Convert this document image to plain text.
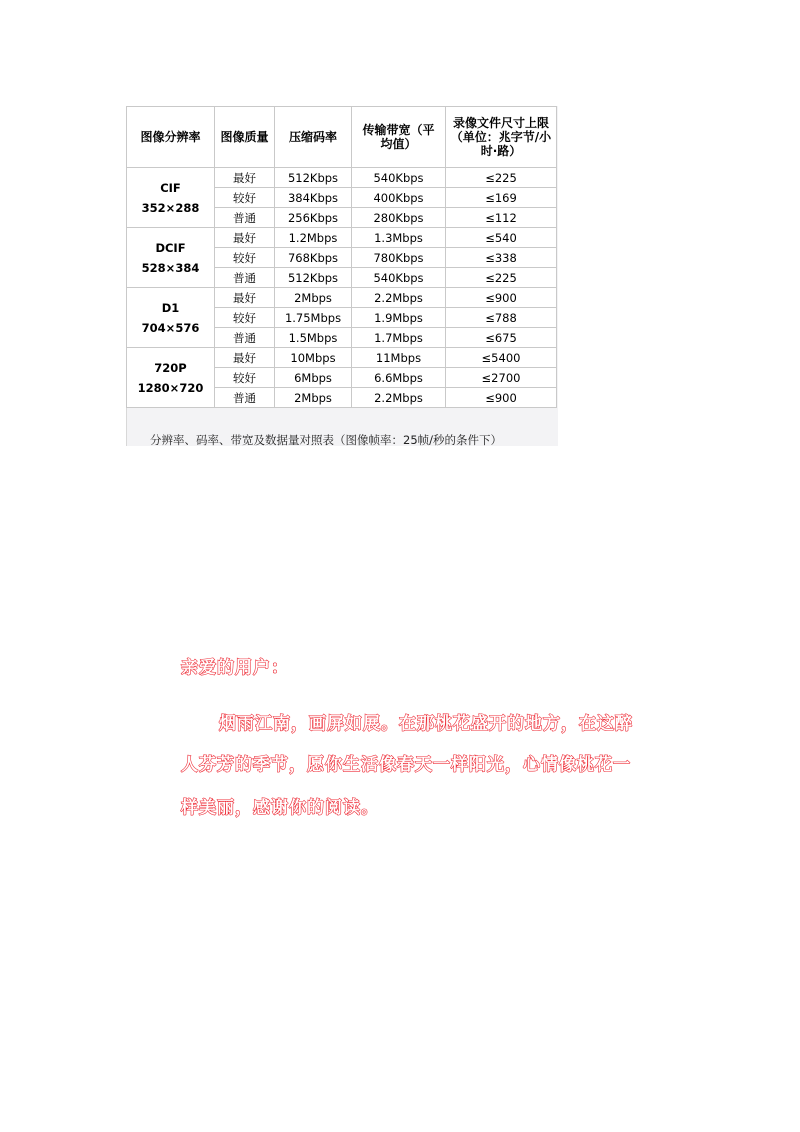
图像分辨率	图像质量	压缩码率	传输带宽（平均值）	录像文件尺寸上限（单位：兆字节/小时·路）

CIF
352×288	最好	512Kbps	540Kbps	≤225
	较好	384Kbps	400Kbps	≤169
	普通	256Kbps	280Kbps	≤112

DCIF
528×384	最好	1.2Mbps	1.3Mbps	≤540
	较好	768Kbps	780Kbps	≤338
	普通	512Kbps	540Kbps	≤225

D1
704×576	最好	2Mbps	2.2Mbps	≤900
	较好	1.75Mbps	1.9Mbps	≤788
	普通	1.5Mbps	1.7Mbps	≤675

720P
1280×720	最好	10Mbps	11Mbps	≤5400
	较好	6Mbps	6.6Mbps	≤2700
	普通	2Mbps	2.2Mbps	≤900
分辨率、码率、带宽及数据量对照表（图像帧率：25帧/秒的条件下）
亲爱的用户：
烟雨江南，画屏如展。在那桃花盛开的地方，在这醉
人芬芳的季节，愿你生活像春天一样阳光，心情像桃花一
样美丽，感谢你的阅读。
